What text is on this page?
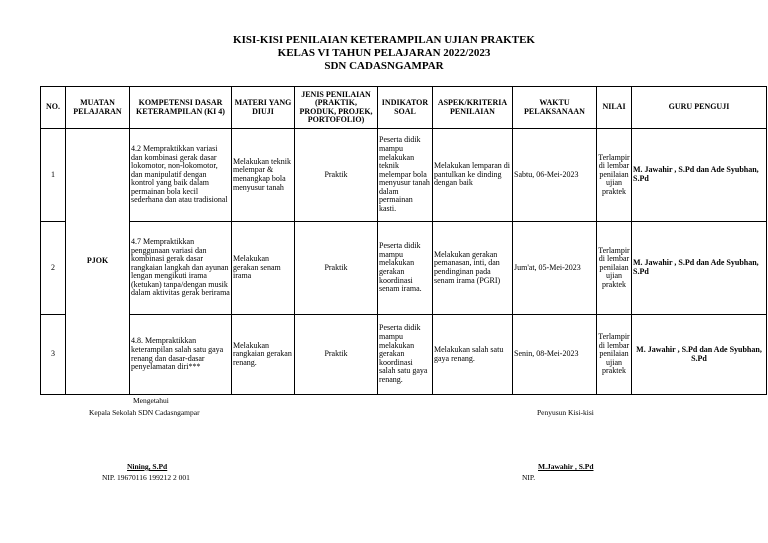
KISI-KISI PENILAIAN KETERAMPILAN UJIAN PRAKTEK
KELAS VI TAHUN PELAJARAN 2022/2023
SDN CADASNGAMPAR
NO.	MUATAN PELAJARAN	KOMPETENSI DASAR KETERAMPILAN (KI 4)	MATERI YANG DIUJI	JENIS PENILAIAN (PRAKTIK, PRODUK, PROJEK, PORTOFOLIO)	INDIKATOR SOAL	ASPEK/KRITERIA PENILAIAN	WAKTU PELAKSANAAN	NILAI	GURU PENGUJI
1	PJOK	4.2 Mempraktikkan variasi dan kombinasi gerak dasar lokomotor, non-lokomotor, dan manipulatif dengan kontrol yang baik dalam permainan bola kecil sederhana dan atau tradisional	Melakukan teknik melempar & menangkap bola menyusur tanah	Praktik	Peserta didik mampu melakukan teknik melempar bola menyusur tanah dalam permainan kasti.	Melakukan lemparan di pantulkan ke dinding dengan baik	Sabtu, 06-Mei-2023	Terlampir di lembar penilaian ujian praktek	M. Jawahir , S.Pd dan Ade Syubhan, S.Pd
2		4.7 Mempraktikkan penggunaan variasi dan kombinasi gerak dasar rangkaian langkah dan ayunan lengan mengikuti irama (ketukan) tanpa/dengan musik dalam aktivitas gerak berirama	Melakukan gerakan senam irama	Praktik	Peserta didik mampu melakukan gerakan koordinasi senam irama.	Melakukan gerakan pemanasan, inti, dan pendinginan pada senam irama (PGRI)	Jum'at, 05-Mei-2023	Terlampir di lembar penilaian ujian praktek	M. Jawahir , S.Pd dan Ade Syubhan, S.Pd
3		4.8. Mempraktikkan keterampilan salah satu gaya renang dan dasar-dasar penyelamatan diri***	Melakukan rangkaian gerakan renang.	Praktik	Peserta didik mampu melakukan gerakan koordinasi salah satu gaya renang.	Melakukan salah satu gaya renang.	Senin, 08-Mei-2023	Terlampir di lembar penilaian ujian praktek	M. Jawahir , S.Pd dan Ade Syubhan, S.Pd
Mengetahui
Kepala Sekolah SDN Cadasngampar
Nining, S.Pd
NIP. 19670116 199212 2 001
Penyusun Kisi-kisi
M.Jawahir , S.Pd
NIP.
